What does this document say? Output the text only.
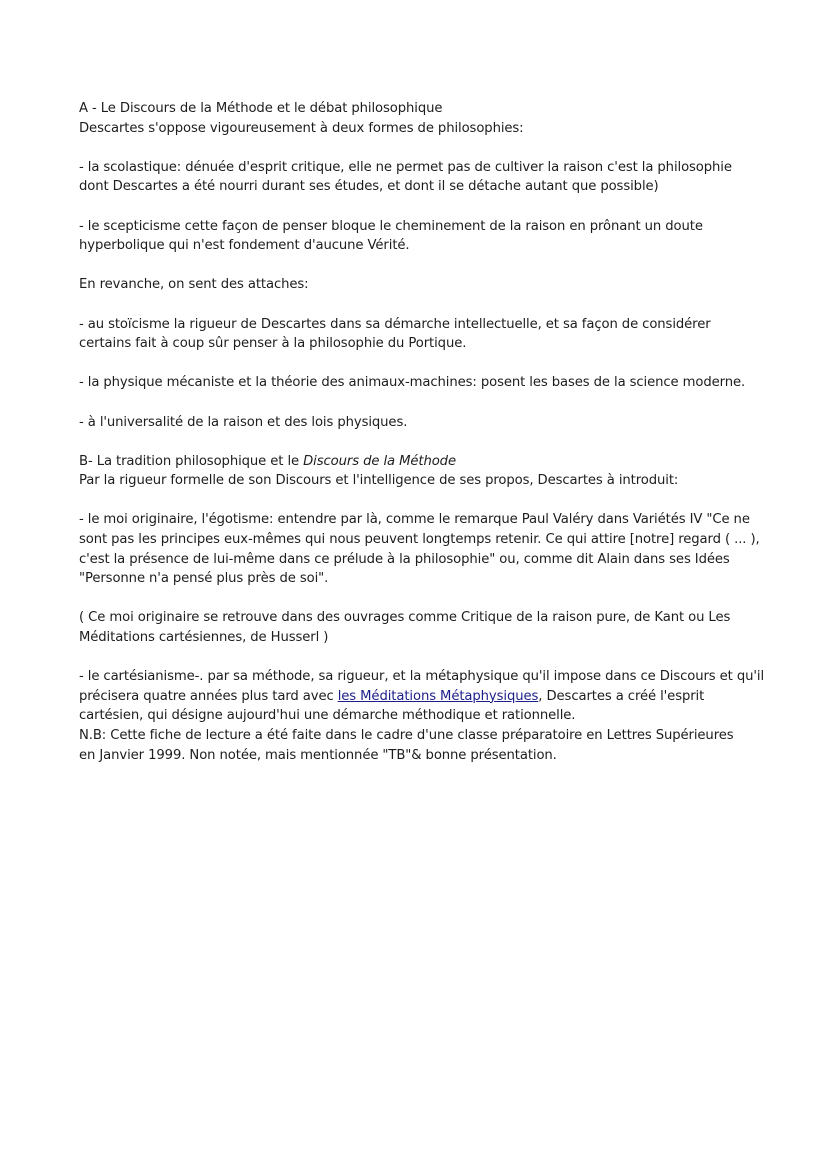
A - Le Discours de la Méthode et le débat philosophique
Descartes s'oppose vigoureusement à deux formes de philosophies:
- la scolastique: dénuée d'esprit critique, elle ne permet pas de cultiver la raison c'est la philosophie
dont Descartes a été nourri durant ses études, et dont il se détache autant que possible)
- le scepticisme cette façon de penser bloque le cheminement de la raison en prônant un doute
hyperbolique qui n'est fondement d'aucune Vérité.
En revanche, on sent des attaches:
- au stoïcisme la rigueur de Descartes dans sa démarche intellectuelle, et sa façon de considérer
certains fait à coup sûr penser à la philosophie du Portique.
- la physique mécaniste et la théorie des animaux-machines: posent les bases de la science moderne.
- à l'universalité de la raison et des lois physiques.
B- La tradition philosophique et le Discours de la Méthode
Par la rigueur formelle de son Discours et l'intelligence de ses propos, Descartes à introduit:
- le moi originaire, l'égotisme: entendre par là, comme le remarque Paul Valéry dans Variétés IV "Ce ne
sont pas les principes eux-mêmes qui nous peuvent longtemps retenir. Ce qui attire [notre] regard ( ... ),
c'est la présence de lui-même dans ce prélude à la philosophie" ou, comme dit Alain dans ses Idées
"Personne n'a pensé plus près de soi".
( Ce moi originaire se retrouve dans des ouvrages comme Critique de la raison pure, de Kant ou Les
Méditations cartésiennes, de Husserl )
- le cartésianisme-. par sa méthode, sa rigueur, et la métaphysique qu'il impose dans ce Discours et qu'il
précisera quatre années plus tard avec les Méditations Métaphysiques, Descartes a créé l'esprit
cartésien, qui désigne aujourd'hui une démarche méthodique et rationnelle.
N.B: Cette fiche de lecture a été faite dans le cadre d'une classe préparatoire en Lettres Supérieures
en Janvier 1999. Non notée, mais mentionnée "TB"& bonne présentation.
